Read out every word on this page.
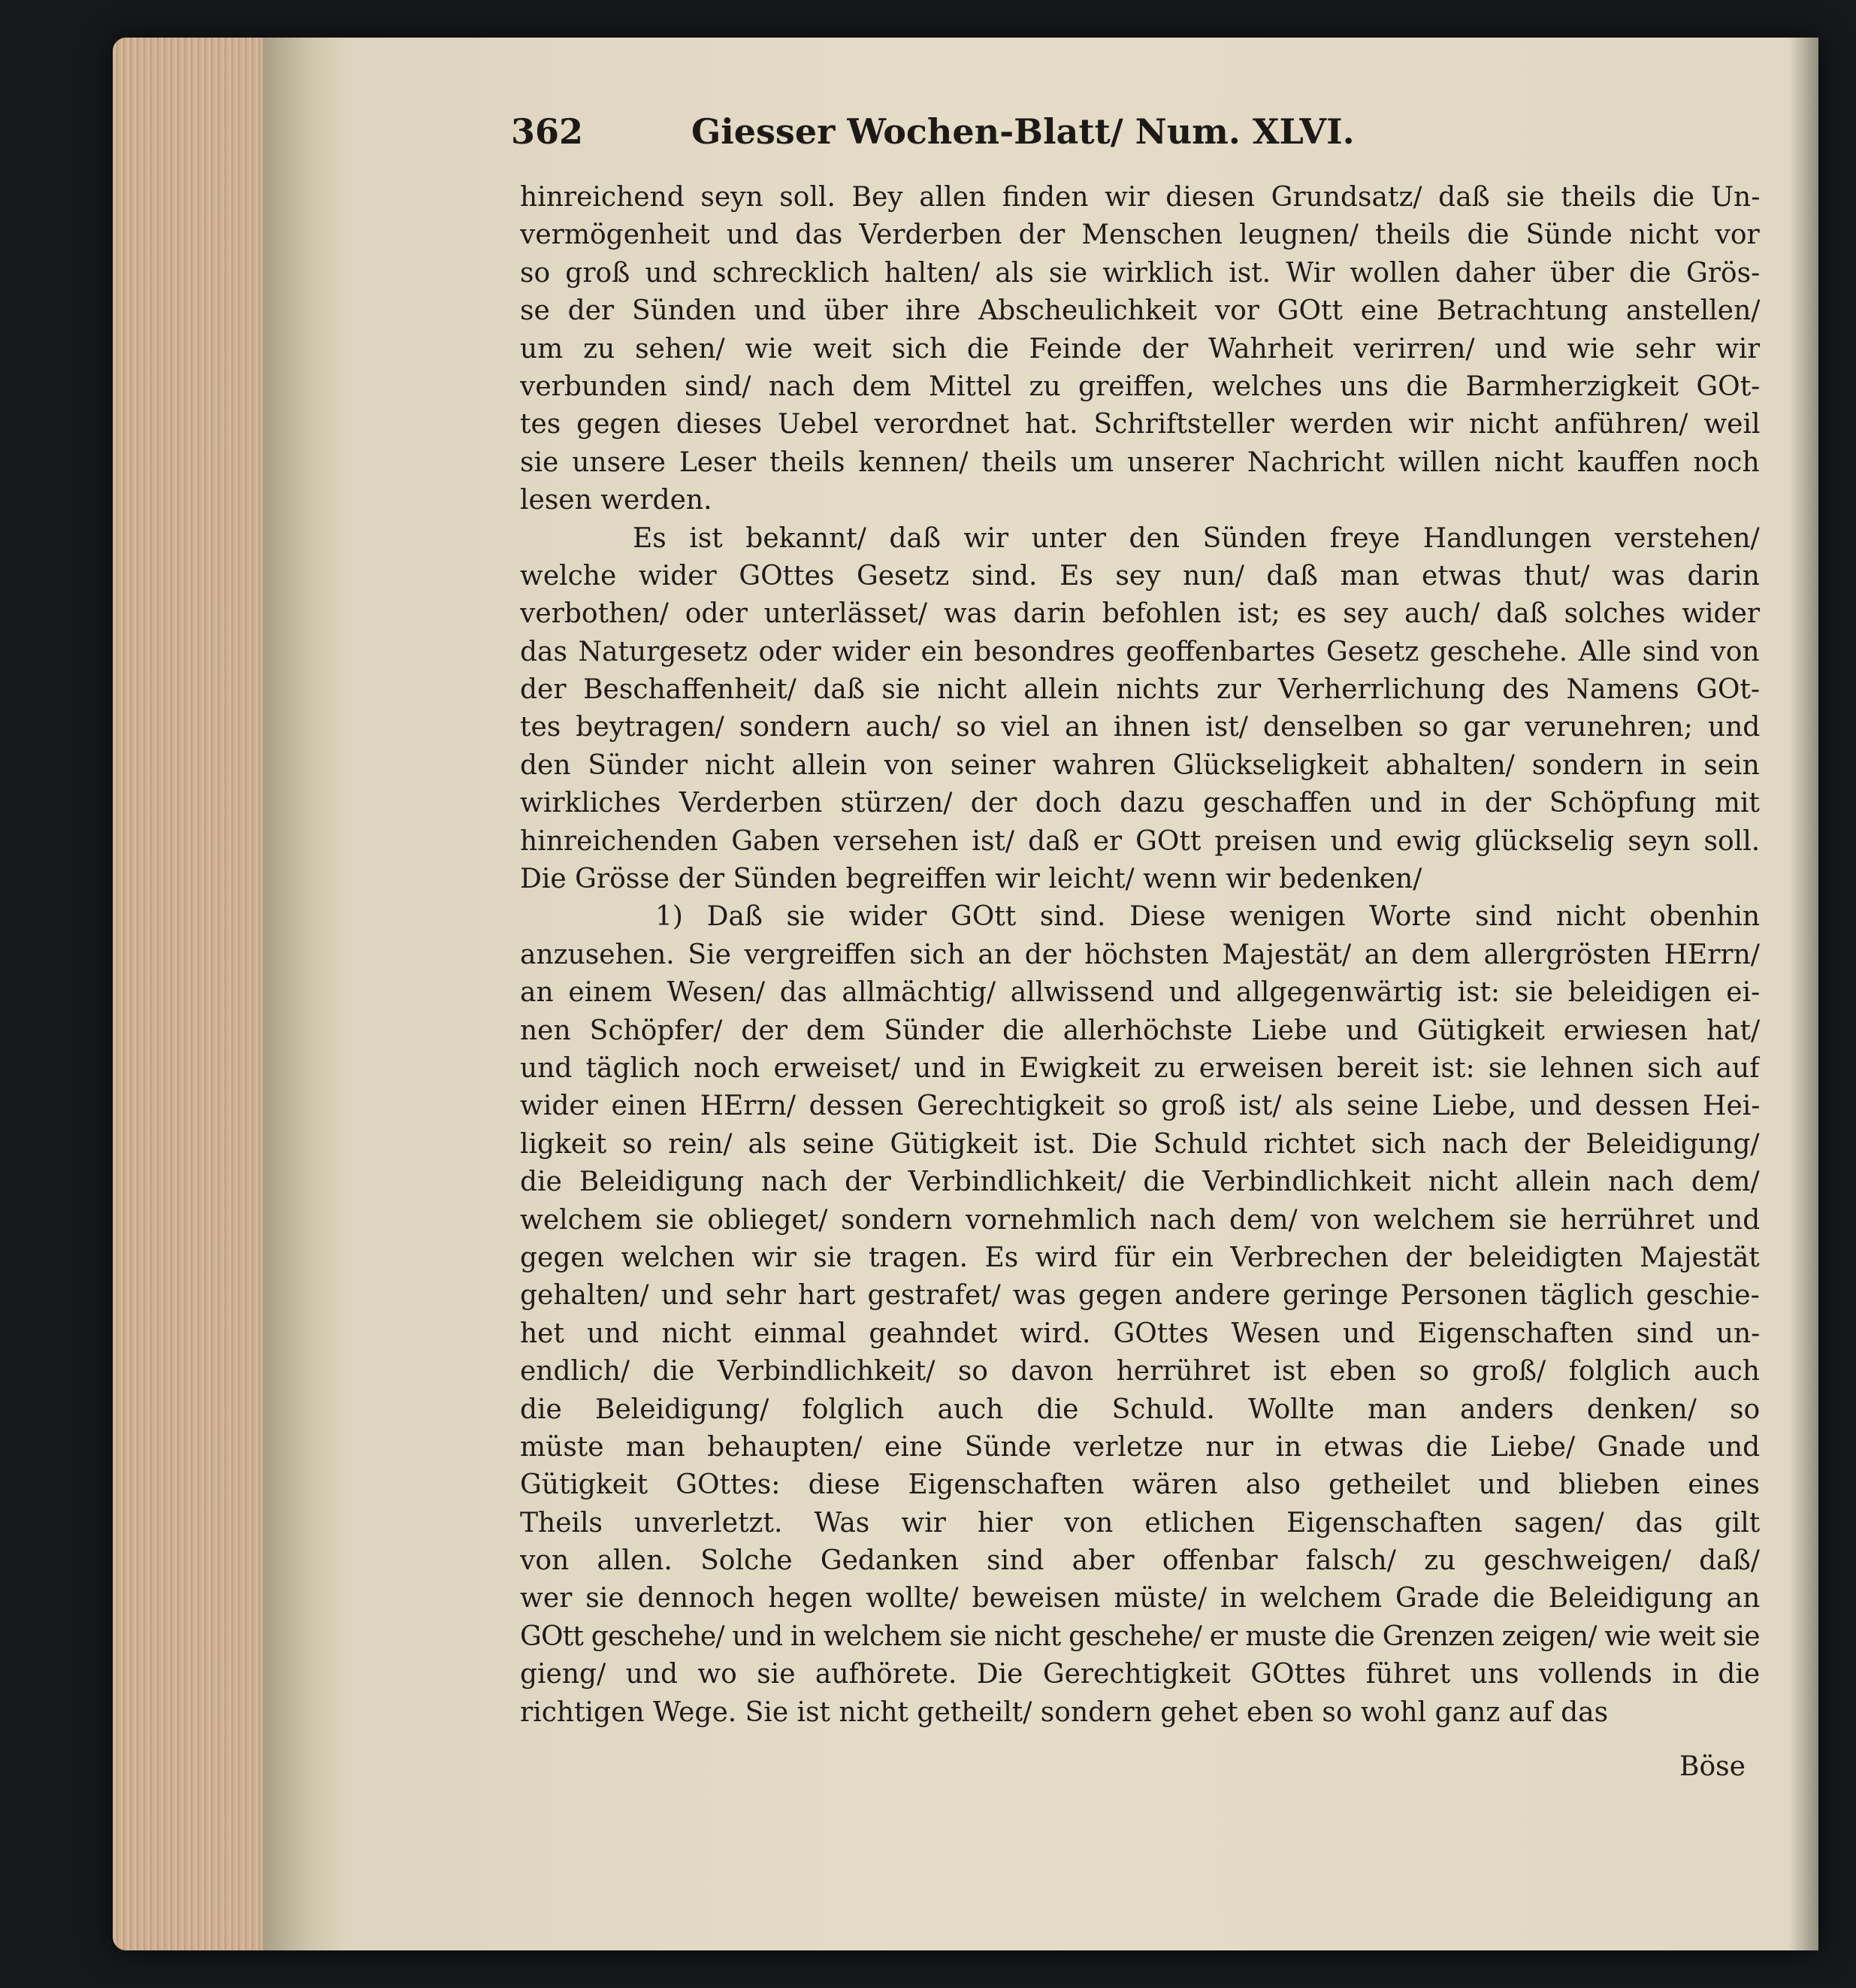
362	Giesser Wochen-Blatt/ Num. XLVI.
hinreichend seyn soll. Bey allen finden wir diesen Grundsatz/ daß sie theils die Un-
vermögenheit und das Verderben der Menschen leugnen/ theils die Sünde nicht vor
so groß und schrecklich halten/ als sie wirklich ist. Wir wollen daher über die Grös-
se der Sünden und über ihre Abscheulichkeit vor GOtt eine Betrachtung anstellen/
um zu sehen/ wie weit sich die Feinde der Wahrheit verirren/ und wie sehr wir
verbunden sind/ nach dem Mittel zu greiffen, welches uns die Barmherzigkeit GOt-
tes gegen dieses Uebel verordnet hat. Schriftsteller werden wir nicht anführen/ weil
sie unsere Leser theils kennen/ theils um unserer Nachricht willen nicht kauffen noch
lesen werden.
Es ist bekannt/ daß wir unter den Sünden freye Handlungen verstehen/
welche wider GOttes Gesetz sind. Es sey nun/ daß man etwas thut/ was darin
verbothen/ oder unterlässet/ was darin befohlen ist; es sey auch/ daß solches wider
das Naturgesetz oder wider ein besondres geoffenbartes Gesetz geschehe. Alle sind von
der Beschaffenheit/ daß sie nicht allein nichts zur Verherrlichung des Namens GOt-
tes beytragen/ sondern auch/ so viel an ihnen ist/ denselben so gar verunehren; und
den Sünder nicht allein von seiner wahren Glückseligkeit abhalten/ sondern in sein
wirkliches Verderben stürzen/ der doch dazu geschaffen und in der Schöpfung mit
hinreichenden Gaben versehen ist/ daß er GOtt preisen und ewig glückselig seyn soll.
Die Grösse der Sünden begreiffen wir leicht/ wenn wir bedenken/
1) Daß sie wider GOtt sind. Diese wenigen Worte sind nicht obenhin
anzusehen. Sie vergreiffen sich an der höchsten Majestät/ an dem allergrösten HErrn/
an einem Wesen/ das allmächtig/ allwissend und allgegenwärtig ist: sie beleidigen ei-
nen Schöpfer/ der dem Sünder die allerhöchste Liebe und Gütigkeit erwiesen hat/
und täglich noch erweiset/ und in Ewigkeit zu erweisen bereit ist: sie lehnen sich auf
wider einen HErrn/ dessen Gerechtigkeit so groß ist/ als seine Liebe, und dessen Hei-
ligkeit so rein/ als seine Gütigkeit ist. Die Schuld richtet sich nach der Beleidigung/
die Beleidigung nach der Verbindlichkeit/ die Verbindlichkeit nicht allein nach dem/
welchem sie oblieget/ sondern vornehmlich nach dem/ von welchem sie herrühret und
gegen welchen wir sie tragen. Es wird für ein Verbrechen der beleidigten Majestät
gehalten/ und sehr hart gestrafet/ was gegen andere geringe Personen täglich geschie-
het und nicht einmal geahndet wird. GOttes Wesen und Eigenschaften sind un-
endlich/ die Verbindlichkeit/ so davon herrühret ist eben so groß/ folglich auch
die Beleidigung/ folglich auch die Schuld. Wollte man anders denken/ so
müste man behaupten/ eine Sünde verletze nur in etwas die Liebe/ Gnade und
Gütigkeit GOttes: diese Eigenschaften wären also getheilet und blieben eines
Theils unverletzt. Was wir hier von etlichen Eigenschaften sagen/ das gilt
von allen. Solche Gedanken sind aber offenbar falsch/ zu geschweigen/ daß/
wer sie dennoch hegen wollte/ beweisen müste/ in welchem Grade die Beleidigung an
GOtt geschehe/ und in welchem sie nicht geschehe/ er muste die Grenzen zeigen/ wie weit sie
gieng/ und wo sie aufhörete. Die Gerechtigkeit GOttes führet uns vollends in die
richtigen Wege. Sie ist nicht getheilt/ sondern gehet eben so wohl ganz auf das
Böse
